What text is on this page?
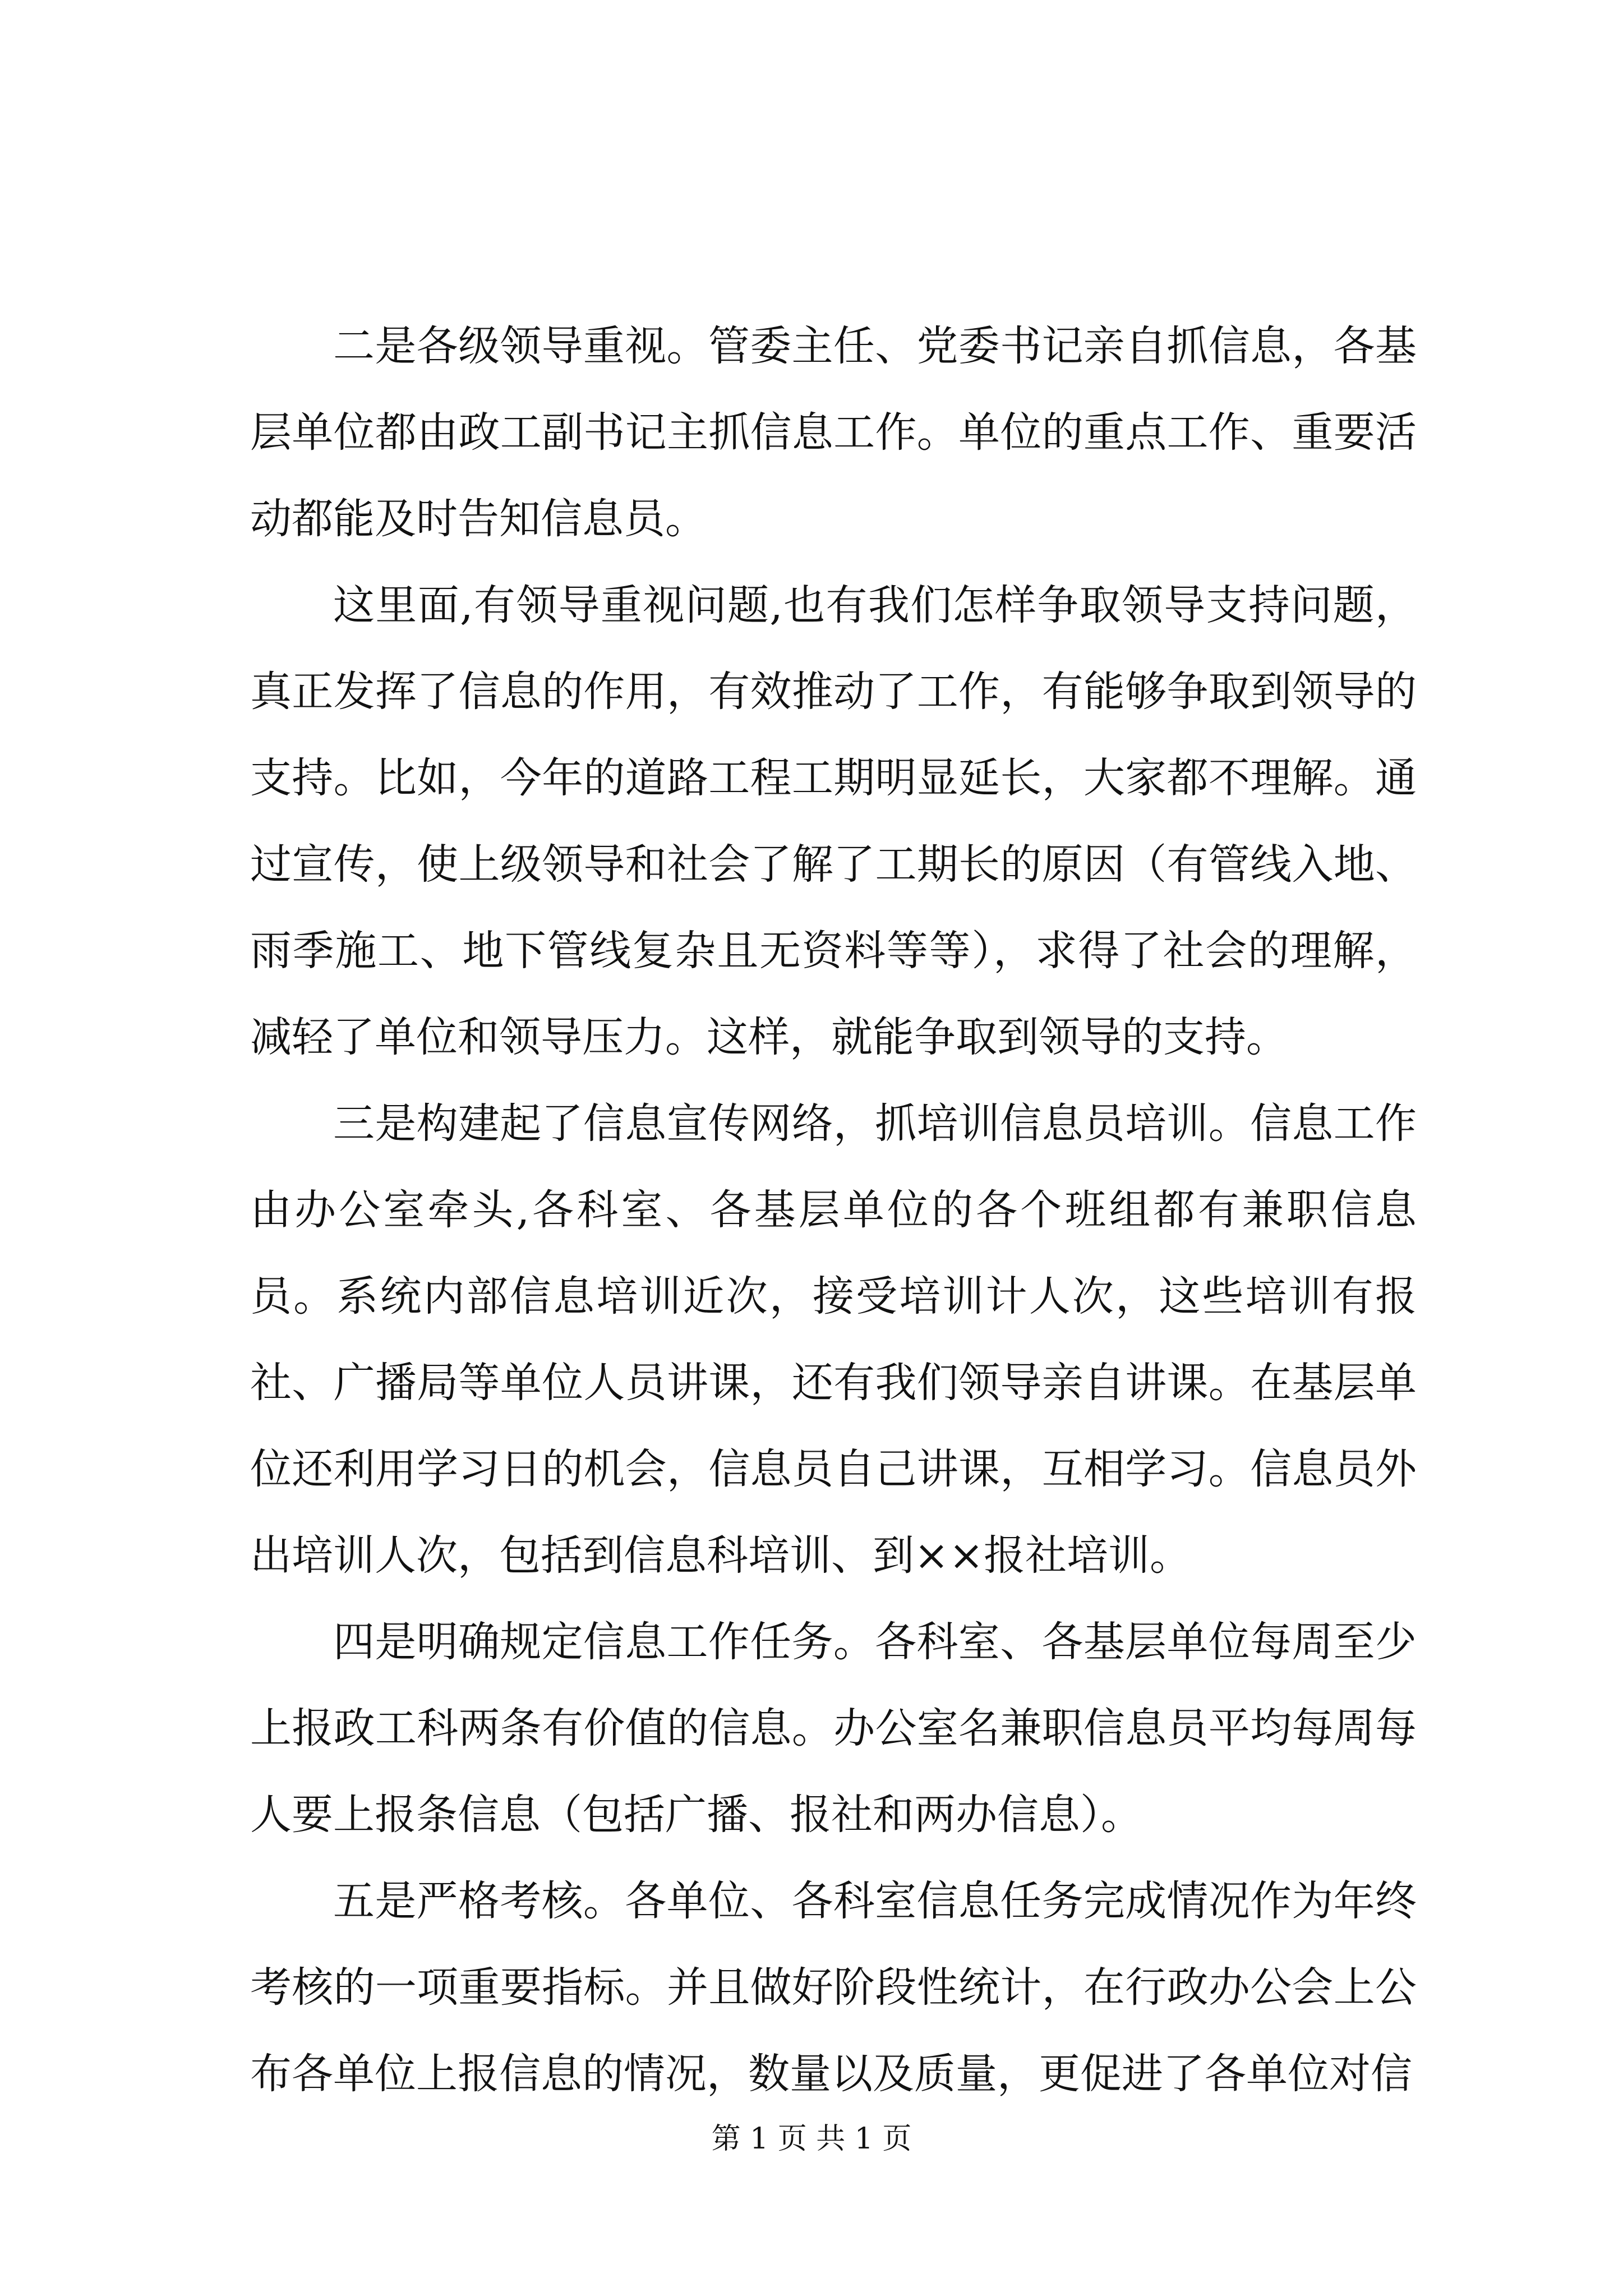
二是各级领导重视。管委主任、党委书记亲自抓信息，各基层单位都由政工副书记主抓信息工作。单位的重点工作、重要活动都能及时告知信息员。

这里面,有领导重视问题,也有我们怎样争取领导支持问题，真正发挥了信息的作用，有效推动了工作，有能够争取到领导的支持。比如，今年的道路工程工期明显延长，大家都不理解。通过宣传，使上级领导和社会了解了工期长的原因（有管线入地、雨季施工、地下管线复杂且无资料等等），求得了社会的理解，减轻了单位和领导压力。这样，就能争取到领导的支持。

三是构建起了信息宣传网络，抓培训信息员培训。信息工作由办公室牵头,各科室、各基层单位的各个班组都有兼职信息员。系统内部信息培训近次，接受培训计人次，这些培训有报社、广播局等单位人员讲课，还有我们领导亲自讲课。在基层单位还利用学习日的机会，信息员自己讲课，互相学习。信息员外出培训人次，包括到信息科培训、到××报社培训。

四是明确规定信息工作任务。各科室、各基层单位每周至少上报政工科两条有价值的信息。办公室名兼职信息员平均每周每人要上报条信息（包括广播、报社和两办信息）。

五是严格考核。各单位、各科室信息任务完成情况作为年终考核的一项重要指标。并且做好阶段性统计，在行政办公会上公布各单位上报信息的情况，数量以及质量，更促进了各单位对信

第 1 页 共 1 页
